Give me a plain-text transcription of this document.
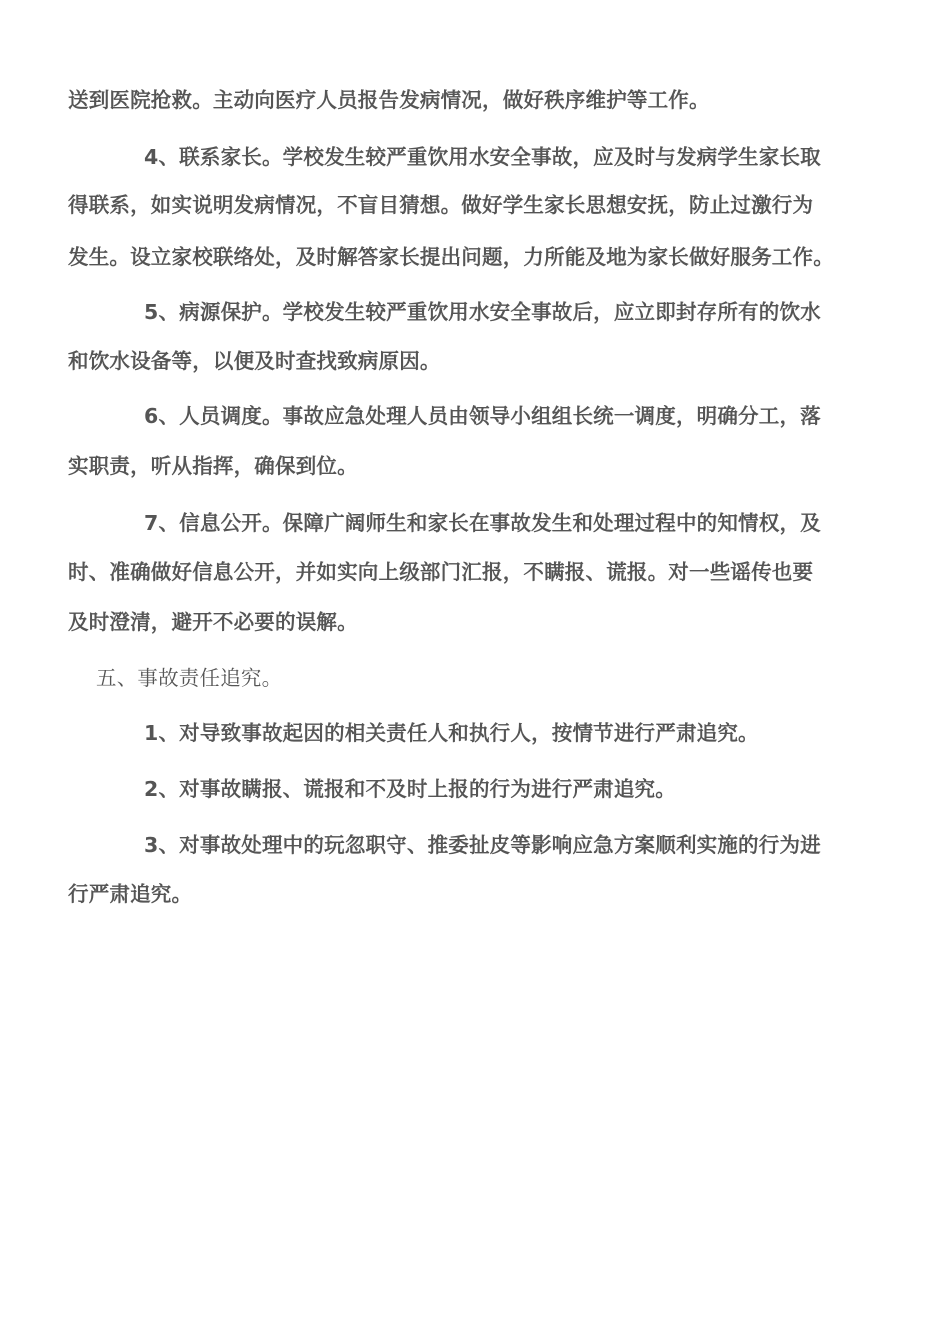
送到医院抢救。主动向医疗人员报告发病情况，做好秩序维护等工作。
4、联系家长。学校发生较严重饮用水安全事故，应及时与发病学生家长取
得联系，如实说明发病情况，不盲目猜想。做好学生家长思想安抚，防止过激行为
发生。设立家校联络处，及时解答家长提出问题，力所能及地为家长做好服务工作。
5、病源保护。学校发生较严重饮用水安全事故后，应立即封存所有的饮水
和饮水设备等，以便及时查找致病原因。
6、人员调度。事故应急处理人员由领导小组组长统一调度，明确分工，落
实职责，听从指挥，确保到位。
7、信息公开。保障广阔师生和家长在事故发生和处理过程中的知情权，及
时、准确做好信息公开，并如实向上级部门汇报，不瞒报、谎报。对一些谣传也要
及时澄清，避开不必要的误解。
五、事故责任追究。
1、对导致事故起因的相关责任人和执行人，按情节进行严肃追究。
2、对事故瞒报、谎报和不及时上报的行为进行严肃追究。
3、对事故处理中的玩忽职守、推委扯皮等影响应急方案顺利实施的行为进
行严肃追究。
